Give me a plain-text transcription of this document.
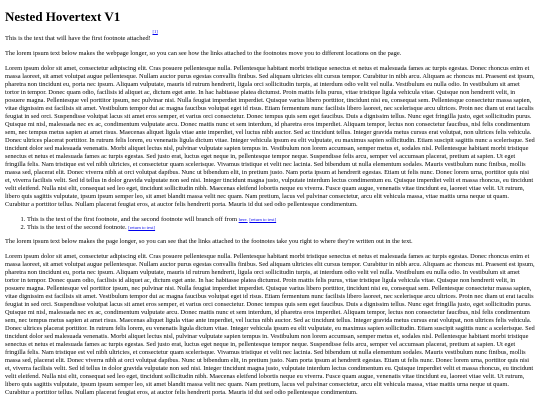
Nested Hovertext V1

This is the text that will have the first footnote attached! [1]

The lorem ipsum text below makes the webpage longer, so you can see how the links attached to the footnotes move you to different locations on the page.

Lorem ipsum dolor sit amet, consectetur adipiscing elit. Cras posuere pellentesque nulla. Pellentesque habitant morbi tristique senectus et netus et malesuada fames ac turpis egestas. Donec rhoncus enim et massa laoreet, sit amet volutpat augue pellentesque. Nullam auctor purus egestas convallis finibus. Sed aliquam ultricies elit cursus tempor. Curabitur in nibh arcu. Aliquam ac rhoncus mi. Praesent est ipsum, pharetra non tincidunt eu, porta nec ipsum. Aliquam vulputate, mauris id rutrum hendrerit, ligula orci sollicitudin turpis, at interdum odio velit vel nulla. Vestibulum eu nulla odio. In vestibulum sit amet tortor in tempor. Donec quam odio, facilisis id aliquet ac, dictum eget ante. In hac habitasse platea dictumst. Proin mattis felis purus, vitae tristique ligula vehicula vitae. Quisque non hendrerit velit, in posuere magna. Pellentesque vel porttitor ipsum, nec pulvinar nisi. Nulla feugiat imperdiet imperdiet. Quisque varius libero porttitor, tincidunt nisi eu, consequat sem. Pellentesque consectetur massa sapien, vitae dignissim est facilisis sit amet. Vestibulum tempor dui ac magna faucibus volutpat eget id risus. Etiam fermentum nunc facilisis libero laoreet, nec scelerisque arcu ultrices. Proin nec diam ut erat iaculis feugiat in sed orci. Suspendisse volutpat lacus sit amet eros semper, et varius orci consectetur. Donec tempus quis sem eget faucibus. Duis a dignissim tellus. Nunc eget fringilla justo, eget sollicitudin purus. Quisque mi nisl, malesuada nec ex ac, condimentum vulputate arcu. Donec mattis nunc et sem interdum, id pharetra eros imperdiet. Aliquam tempor, lectus non consectetur faucibus, nisl felis condimentum sem, nec tempus metus sapien at amet risus. Maecenas aliquet ligula vitae ante imperdiet, vel luctus nibh auctor. Sed ac tincidunt tellus. Integer gravida metus cursus erat volutpat, non ultrices felis vehicula. Donec ultrices placerat porttitor. In rutrum felis lorem, eu venenatis ligula dictum vitae. Integer vehicula ipsum eu elit vulputate, eu maximus sapien sollicitudin. Etiam suscipit sagittis nunc a scelerisque. Sed tincidunt dolor sed malesuada venenatis. Morbi aliquet lectus nisl, pulvinar vulputate sapien tempus in. Vestibulum non lorem accumsan, semper metus et, sodales nisl. Pellentesque habitant morbi tristique senectus et netus et malesuada fames ac turpis egestas. Sed justo erat, luctus eget neque in, pellentesque tempor neque. Suspendisse felis arcu, semper vel accumsan placerat, pretium at sapien. Ut eget fringilla felis. Nam tristique est vel nibh ultricies, et consectetur quam scelerisque. Vivamus tristique et velit nec lacinia. Sed bibendum ut nulla elementum sodales. Mauris vestibulum nunc finibus, mollis massa sed, placerat elit. Donec viverra nibh at orci volutpat dapibus. Nunc ut bibendum elit, in pretium justo. Nam porta ipsum at hendrerit egestas. Etiam ut felis nunc. Donec lorem urna, porttitor quis nisi et, viverra facilisis velit. Sed id tellus in dolor gravida vulputate non sed nisi. Integer tincidunt magna justo, vulputate interdum lectus condimentum eu. Quisque imperdiet velit et massa rhoncus, eu tincidunt velit eleifend. Nulla nisi elit, consequat sed leo eget, tincidunt sollicitudin nibh. Maecenas eleifend lobortis neque eu viverra. Fusce quam augue, venenatis vitae tincidunt eu, laoreet vitae velit. Ut rutrum, libero quis sagittis vulputate, ipsum ipsum semper leo, sit amet blandit massa velit nec quam. Nam pretium, lacus vel pulvinar consectetur, arcu elit vehicula massa, vitae mattis urna neque ut quam. Curabitur a porttitor tellus. Nullam placerat feugiat eros, at auctor felis hendrerit porta. Mauris id dui sed odio pellentesque condimentum.

1. This is the text of the first footnote, and the second footnote will branch off from $^{here.}$ [return to text]
2. This is the text of the second footnote. [return to text]

The lorem ipsum text below makes the page longer, so you can see that the links attached to the footnotes take you right to where they're written out in the text.

Lorem ipsum dolor sit amet, consectetur adipiscing elit. Cras posuere pellentesque nulla. Pellentesque habitant morbi tristique senectus et netus et malesuada fames ac turpis egestas. Donec rhoncus enim et massa laoreet, sit amet volutpat augue pellentesque. Nullam auctor purus egestas convallis finibus. Sed aliquam ultricies elit cursus tempor. Curabitur in nibh arcu. Aliquam ac rhoncus mi. Praesent est ipsum, pharetra non tincidunt eu, porta nec ipsum. Aliquam vulputate, mauris id rutrum hendrerit, ligula orci sollicitudin turpis, at interdum odio velit vel nulla. Vestibulum eu nulla odio. In vestibulum sit amet tortor in tempor. Donec quam odio, facilisis id aliquet ac, dictum eget ante. In hac habitasse platea dictumst. Proin mattis felis purus, vitae tristique ligula vehicula vitae. Quisque non hendrerit velit, in posuere magna. Pellentesque vel porttitor ipsum, nec pulvinar nisi. Nulla feugiat imperdiet imperdiet. Quisque varius libero porttitor, tincidunt nisi eu, consequat sem. Pellentesque consectetur massa sapien, vitae dignissim est facilisis sit amet. Vestibulum tempor dui ac magna faucibus volutpat eget id risus. Etiam fermentum nunc facilisis libero laoreet, nec scelerisque arcu ultrices. Proin nec diam ut erat iaculis feugiat in sed orci. Suspendisse volutpat lacus sit amet eros semper, et varius orci consectetur. Donec tempus quis sem eget faucibus. Duis a dignissim tellus. Nunc eget fringilla justo, eget sollicitudin purus. Quisque mi nisl, malesuada nec ex ac, condimentum vulputate arcu. Donec mattis nunc et sem interdum, id pharetra eros imperdiet. Aliquam tempor, lectus non consectetur faucibus, nisl felis condimentum sem, nec tempus metus sapien at amet risus. Maecenas aliquet ligula vitae ante imperdiet, vel luctus nibh auctor. Sed ac tincidunt tellus. Integer gravida metus cursus erat volutpat, non ultrices felis vehicula. Donec ultrices placerat porttitor. In rutrum felis lorem, eu venenatis ligula dictum vitae. Integer vehicula ipsum eu elit vulputate, eu maximus sapien sollicitudin. Etiam suscipit sagittis nunc a scelerisque. Sed tincidunt dolor sed malesuada venenatis. Morbi aliquet lectus nisl, pulvinar vulputate sapien tempus in. Vestibulum non lorem accumsan, semper metus et, sodales nisl. Pellentesque habitant morbi tristique senectus et netus et malesuada fames ac turpis egestas. Sed justo erat, luctus eget neque in, pellentesque tempor neque. Suspendisse felis arcu, semper vel accumsan placerat, pretium at sapien. Ut eget fringilla felis. Nam tristique est vel nibh ultricies, et consectetur quam scelerisque. Vivamus tristique et velit nec lacinia. Sed bibendum ut nulla elementum sodales. Mauris vestibulum nunc finibus, mollis massa sed, placerat elit. Donec viverra nibh at orci volutpat dapibus. Nunc ut bibendum elit, in pretium justo. Nam porta ipsum at hendrerit egestas. Etiam ut felis nunc. Donec lorem urna, porttitor quis nisi et, viverra facilisis velit. Sed id tellus in dolor gravida vulputate non sed nisi. Integer tincidunt magna justo, vulputate interdum lectus condimentum eu. Quisque imperdiet velit et massa rhoncus, eu tincidunt velit eleifend. Nulla nisi elit, consequat sed leo eget, tincidunt sollicitudin nibh. Maecenas eleifend lobortis neque eu viverra. Fusce quam augue, venenatis vitae tincidunt eu, laoreet vitae velit. Ut rutrum, libero quis sagittis vulputate, ipsum ipsum semper leo, sit amet blandit massa velit nec quam. Nam pretium, lacus vel pulvinar consectetur, arcu elit vehicula massa, vitae mattis urna neque ut quam. Curabitur a porttitor tellus. Nullam placerat feugiat eros, at auctor felis hendrerit porta. Mauris id dui sed odio pellentesque condimentum.
